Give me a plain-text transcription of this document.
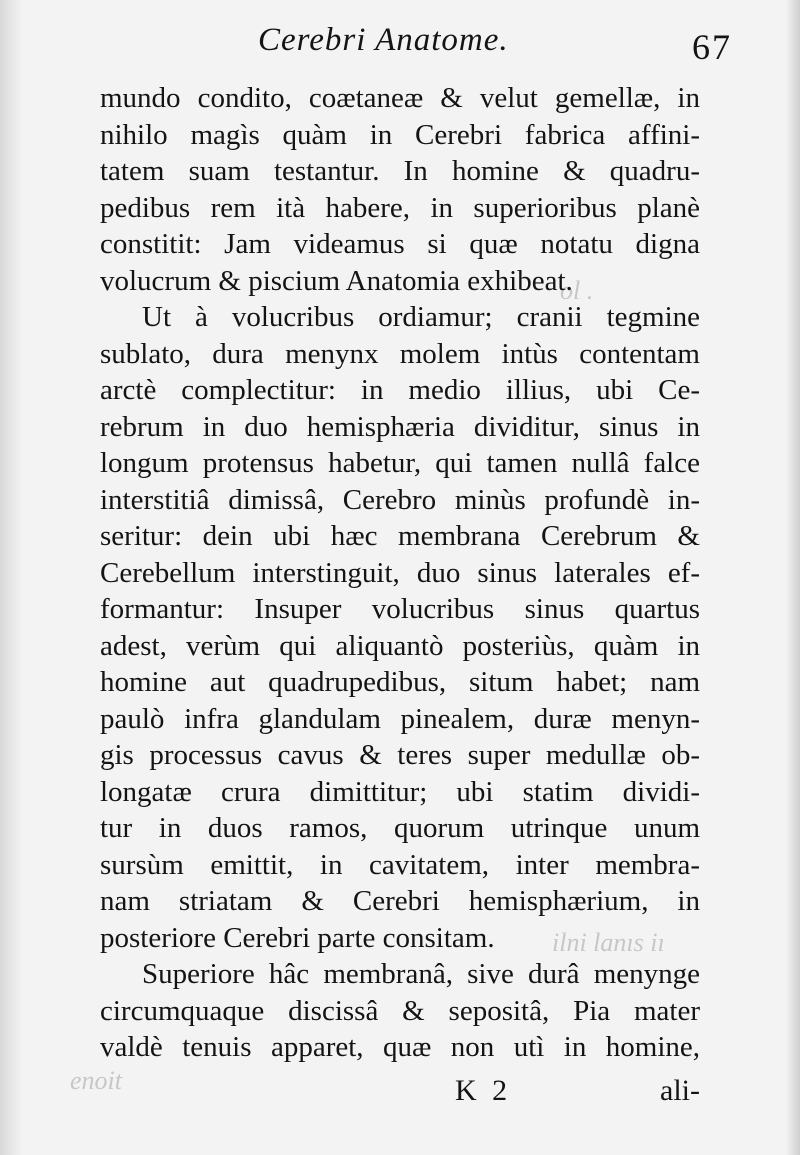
Cerebri Anatome.	67
ol .
ilni lanıs iı
enoit
mundo condito, coætaneæ & velut gemellæ, in
nihilo magìs quàm in Cerebri fabrica affini-
tatem suam testantur. In homine & quadru-
pedibus rem ità habere, in superioribus planè
constitit: Jam videamus si quæ notatu digna
volucrum & piscium Anatomia exhibeat.
Ut à volucribus ordiamur; cranii tegmine
sublato, dura menynx molem intùs contentam
arctè complectitur: in medio illius, ubi Ce-
rebrum in duo hemisphæria dividitur, sinus in
longum protensus habetur, qui tamen nullâ falce
interstitiâ dimissâ, Cerebro minùs profundè in-
seritur: dein ubi hæc membrana Cerebrum &
Cerebellum interstinguit, duo sinus laterales ef-
formantur: Insuper volucribus sinus quartus
adest, verùm qui aliquantò posteriùs, quàm in
homine aut quadrupedibus, situm habet; nam
paulò infra glandulam pinealem, duræ menyn-
gis processus cavus & teres super medullæ ob-
longatæ crura dimittitur; ubi statim dividi-
tur in duos ramos, quorum utrinque unum
sursùm emittit, in cavitatem, inter membra-
nam striatam & Cerebri hemisphærium, in
posteriore Cerebri parte consitam.
Superiore hâc membranâ, sive durâ menynge
circumquaque discissâ & sepositâ, Pia mater
valdè tenuis apparet, quæ non utì in homine,
K 2	ali-
